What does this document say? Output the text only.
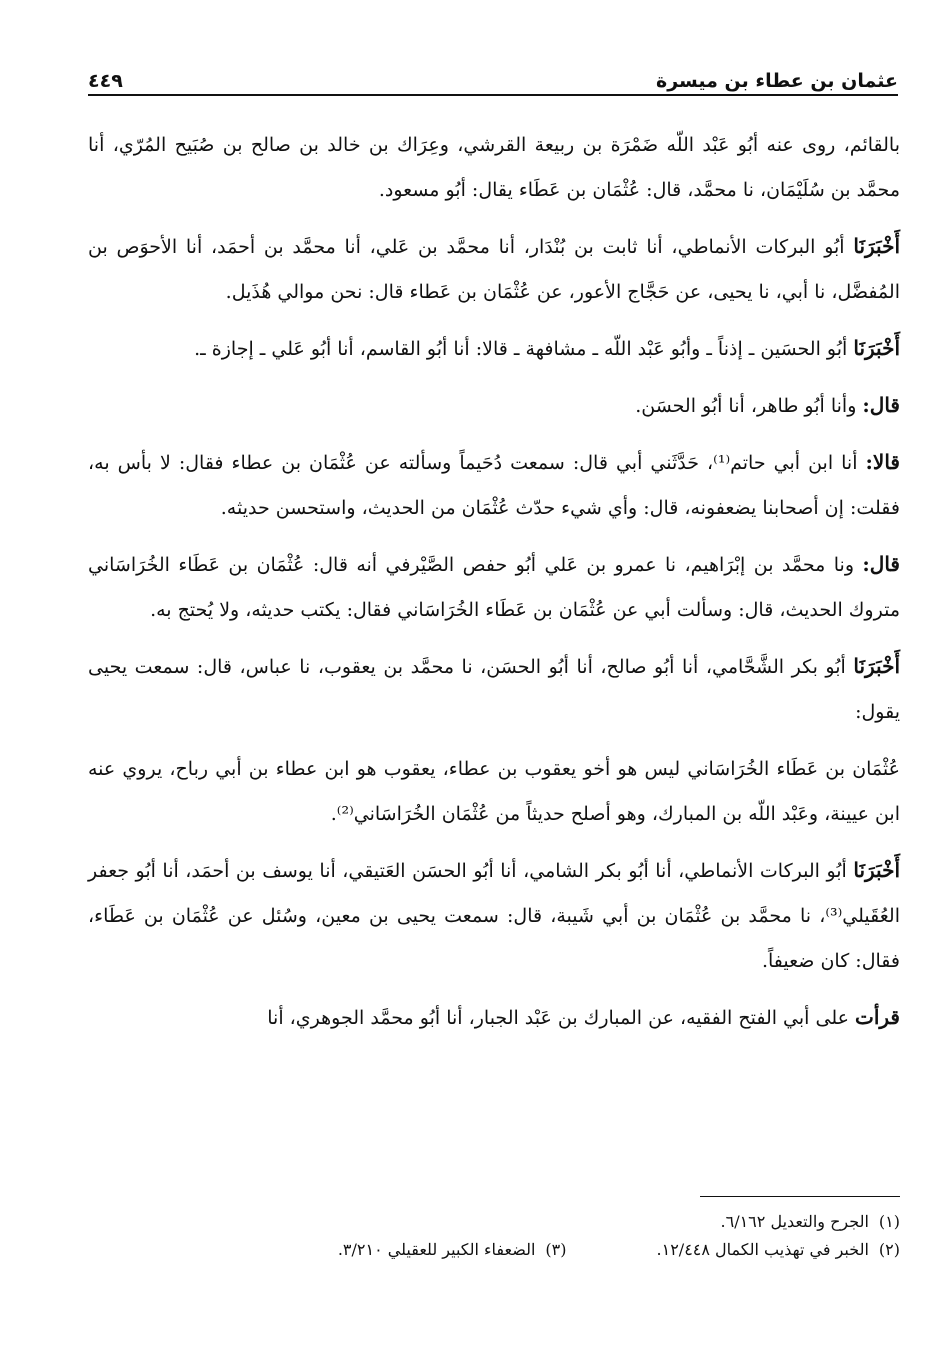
عثمان بن عطاء بن ميسرة
٤٤٩

بالقائم، روى عنه أبُو عَبْد اللّه ضَمْرَة بن ربيعة القرشي، وعِرَاك بن خالد بن صالح بن صُبَيح المُرّي، أنا محمَّد بن سُلَيْمَان، نا محمَّد، قال: عُثْمَان بن عَطَاء يقال: أبُو مسعود.

أَخْبَرَنَا أبُو البركات الأنماطي، أنا ثابت بن بُنْدَار، أنا محمَّد بن عَلي، أنا محمَّد بن أحمَد، أنا الأحوَص بن المُفضَّل، نا أبي، نا يحيى، عن حَجَّاج الأعور، عن عُثْمَان بن عَطاء قال: نحن موالي هُذَيل.

أَخْبَرَنَا أبُو الحسَين ـ إذناً ـ وأبُو عَبْد اللّه ـ مشافهة ـ قالا: أنا أبُو القاسم، أنا أبُو عَلي ـ إجازة ـ.

قال: وأنا أبُو طاهر، أنا أبُو الحسَن.

قالا: أنا ابن أبي حاتم⁽¹⁾، حَدَّثَني أبي قال: سمعت دُحَيماً وسألته عن عُثْمَان بن عطاء فقال: لا بأس به، فقلت: إن أصحابنا يضعفونه، قال: وأي شيء حدّث عُثْمَان من الحديث، واستحسن حديثه.

قال: ونا محمَّد بن إبْرَاهيم، نا عمرو بن عَلي أبُو حفص الصَّيْرفي أنه قال: عُثْمَان بن عَطَاء الخُرَاسَاني متروك الحديث، قال: وسألت أبي عن عُثْمَان بن عَطَاء الخُرَاسَاني فقال: يكتب حديثه، ولا يُحتج به.

أَخْبَرَنَا أبُو بكر الشَّحَّامي، أنا أبُو صالح، أنا أبُو الحسَن، نا محمَّد بن يعقوب، نا عباس، قال: سمعت يحيى يقول:

عُثْمَان بن عَطَاء الخُرَاسَاني ليس هو أخو يعقوب بن عطاء، يعقوب هو ابن عطاء بن أبي رباح، يروي عنه ابن عيينة، وعَبْد اللّه بن المبارك، وهو أصلح حديثاً من عُثْمَان الخُرَاسَاني⁽²⁾.

أَخْبَرَنَا أبُو البركات الأنماطي، أنا أبُو بكر الشامي، أنا أبُو الحسَن العَتيقي، أنا يوسف بن أحمَد، أنا أبُو جعفر العُقَيلي⁽³⁾، نا محمَّد بن عُثْمَان بن أبي شَيبة، قال: سمعت يحيى بن معين، وسُئل عن عُثْمَان بن عَطَاء، فقال: كان ضعيفاً.

قرأت على أبي الفتح الفقيه، عن المبارك بن عَبْد الجبار، أنا أبُو محمَّد الجوهري، أنا

(١)الجرح والتعديل ٦/١٦٢.
(٢)الخبر في تهذيب الكمال ١٢/٤٤٨.
(٣)الضعفاء الكبير للعقيلي ٣/٢١٠.
